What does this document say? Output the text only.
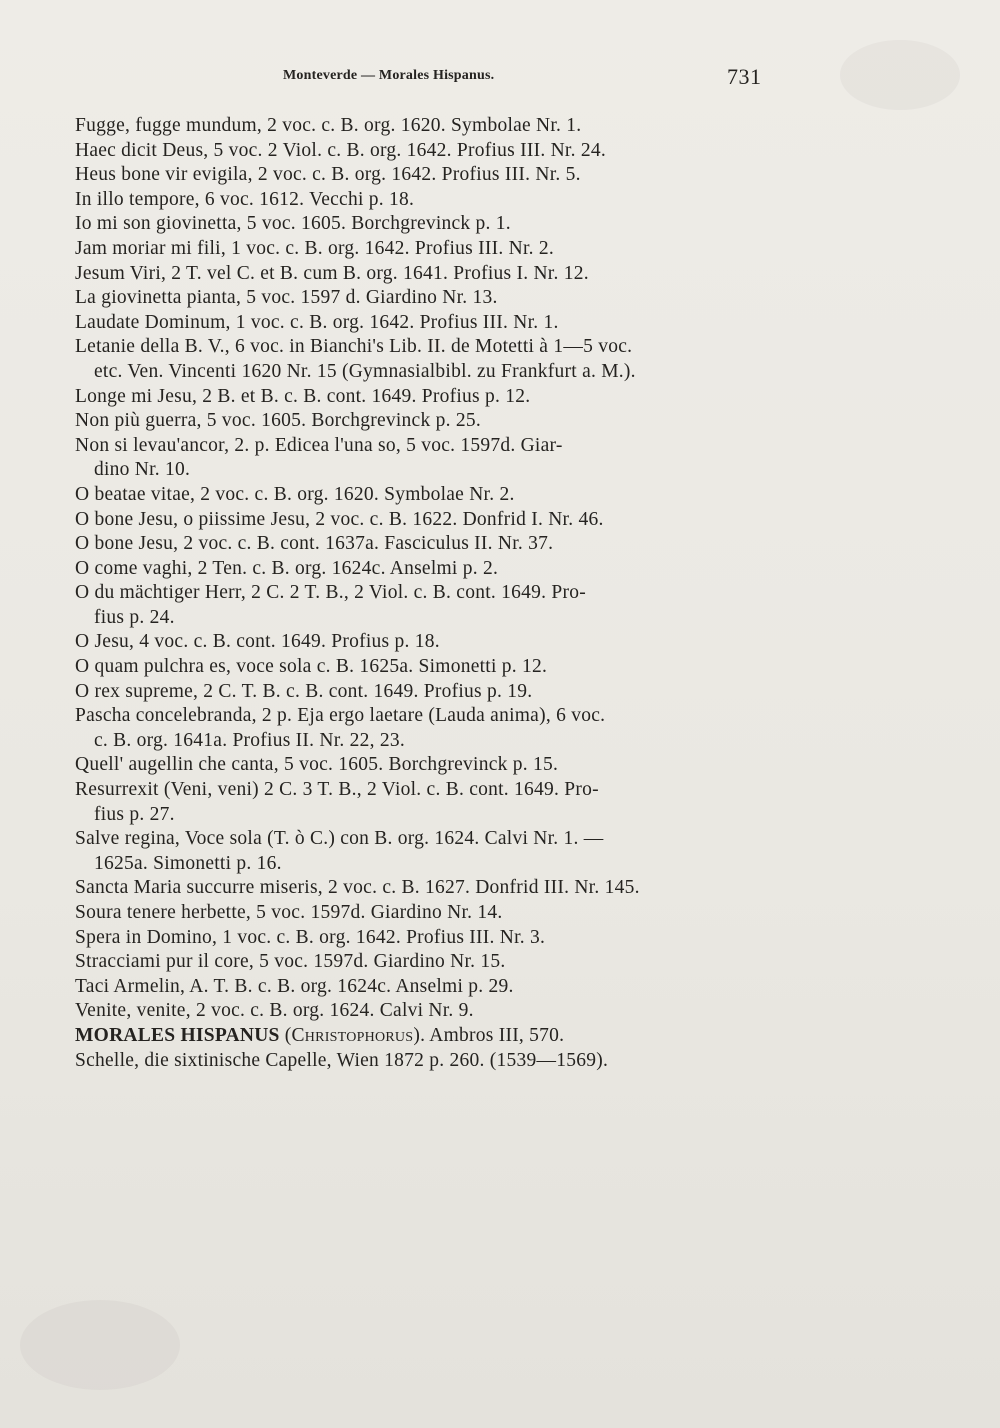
Monteverde — Morales Hispanus.	731
Fugge, fugge mundum, 2 voc. c. B. org. 1620. Symbolae Nr. 1.
Haec dicit Deus, 5 voc. 2 Viol. c. B. org. 1642. Profius III. Nr. 24.
Heus bone vir evigila, 2 voc. c. B. org. 1642. Profius III. Nr. 5.
In illo tempore, 6 voc. 1612. Vecchi p. 18.
Io mi son giovinetta, 5 voc. 1605. Borchgrevinck p. 1.
Jam moriar mi fili, 1 voc. c. B. org. 1642. Profius III. Nr. 2.
Jesum Viri, 2 T. vel C. et B. cum B. org. 1641. Profius I. Nr. 12.
La giovinetta pianta, 5 voc. 1597 d. Giardino Nr. 13.
Laudate Dominum, 1 voc. c. B. org. 1642. Profius III. Nr. 1.
Letanie della B. V., 6 voc. in Bianchi's Lib. II. de Motetti à 1—5 voc.
etc. Ven. Vincenti 1620 Nr. 15 (Gymnasialbibl. zu Frankfurt a. M.).
Longe mi Jesu, 2 B. et B. c. B. cont. 1649. Profius p. 12.
Non più guerra, 5 voc. 1605. Borchgrevinck p. 25.
Non si levau'ancor, 2. p. Edicea l'una so, 5 voc. 1597d. Giar-
dino Nr. 10.
O beatae vitae, 2 voc. c. B. org. 1620. Symbolae Nr. 2.
O bone Jesu, o piissime Jesu, 2 voc. c. B. 1622. Donfrid I. Nr. 46.
O bone Jesu, 2 voc. c. B. cont. 1637a. Fasciculus II. Nr. 37.
O come vaghi, 2 Ten. c. B. org. 1624c. Anselmi p. 2.
O du mächtiger Herr, 2 C. 2 T. B., 2 Viol. c. B. cont. 1649. Pro-
fius p. 24.
O Jesu, 4 voc. c. B. cont. 1649. Profius p. 18.
O quam pulchra es, voce sola c. B. 1625a. Simonetti p. 12.
O rex supreme, 2 C. T. B. c. B. cont. 1649. Profius p. 19.
Pascha concelebranda, 2 p. Eja ergo laetare (Lauda anima), 6 voc.
c. B. org. 1641a. Profius II. Nr. 22, 23.
Quell' augellin che canta, 5 voc. 1605. Borchgrevinck p. 15.
Resurrexit (Veni, veni) 2 C. 3 T. B., 2 Viol. c. B. cont. 1649. Pro-
fius p. 27.
Salve regina, Voce sola (T. ò C.) con B. org. 1624. Calvi Nr. 1. —
1625a. Simonetti p. 16.
Sancta Maria succurre miseris, 2 voc. c. B. 1627. Donfrid III. Nr. 145.
Soura tenere herbette, 5 voc. 1597d. Giardino Nr. 14.
Spera in Domino, 1 voc. c. B. org. 1642. Profius III. Nr. 3.
Stracciami pur il core, 5 voc. 1597d. Giardino Nr. 15.
Taci Armelin, A. T. B. c. B. org. 1624c. Anselmi p. 29.
Venite, venite, 2 voc. c. B. org. 1624. Calvi Nr. 9.
MORALES HISPANUS (Christophorus). Ambros III, 570.
Schelle, die sixtinische Capelle, Wien 1872 p. 260. (1539—1569).
